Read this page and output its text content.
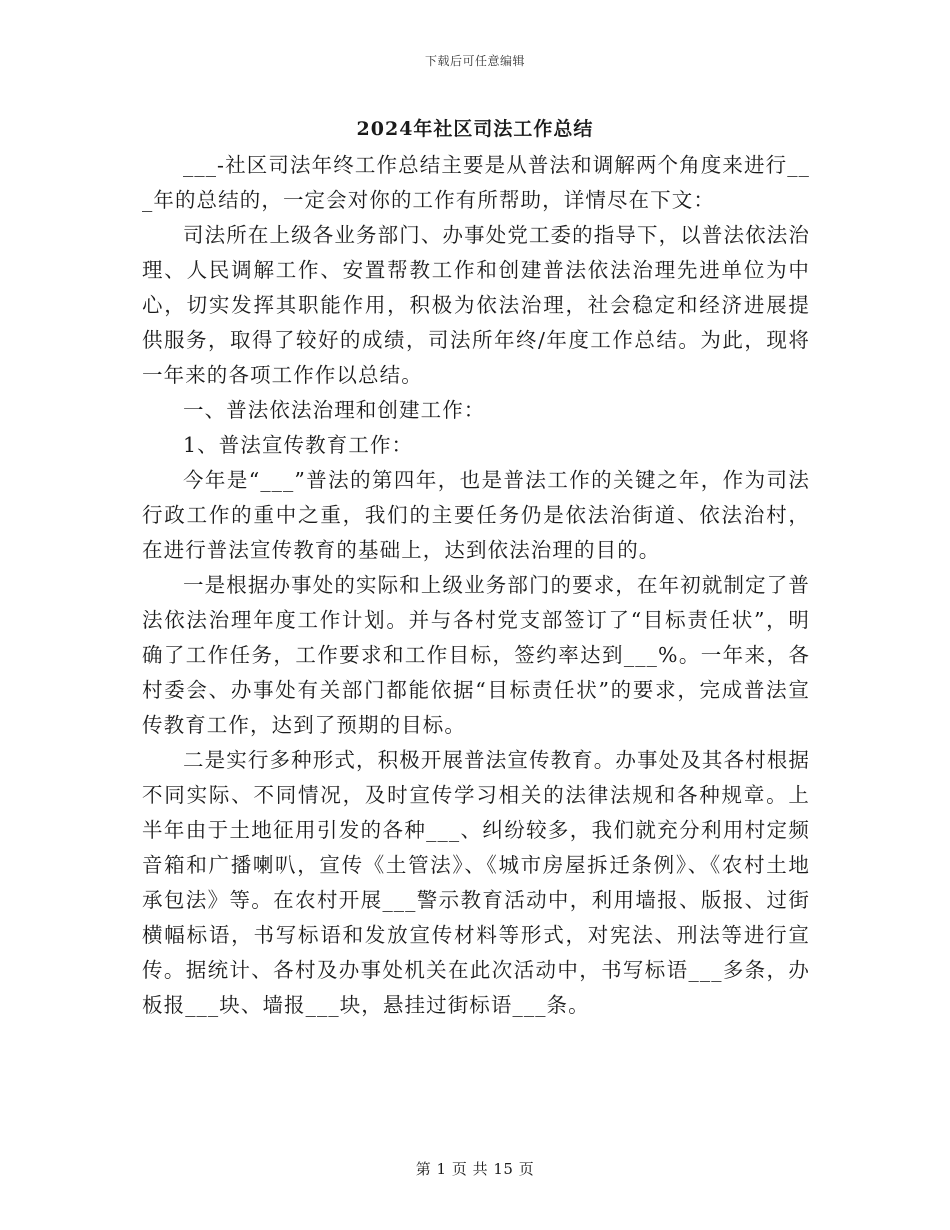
下载后可任意编辑
2024年社区司法工作总结

___-社区司法年终工作总结主要是从普法和调解两个角度来进行___年的总结的，一定会对你的工作有所帮助，详情尽在下文：

司法所在上级各业务部门、办事处党工委的指导下，以普法依法治理、人民调解工作、安置帮教工作和创建普法依法治理先进单位为中心，切实发挥其职能作用，积极为依法治理，社会稳定和经济进展提供服务，取得了较好的成绩，司法所年终/年度工作总结。为此，现将一年来的各项工作作以总结。

一、普法依法治理和创建工作：

1、普法宣传教育工作：

今年是“___”普法的第四年，也是普法工作的关键之年，作为司法行政工作的重中之重，我们的主要任务仍是依法治街道、依法治村，在进行普法宣传教育的基础上，达到依法治理的目的。

一是根据办事处的实际和上级业务部门的要求，在年初就制定了普法依法治理年度工作计划。并与各村党支部签订了“目标责任状”，明确了工作任务，工作要求和工作目标，签约率达到___%。一年来，各村委会、办事处有关部门都能依据“目标责任状”的要求，完成普法宣传教育工作，达到了预期的目标。

二是实行多种形式，积极开展普法宣传教育。办事处及其各村根据不同实际、不同情况，及时宣传学习相关的法律法规和各种规章。上半年由于土地征用引发的各种___、纠纷较多，我们就充分利用村定频音箱和广播喇叭，宣传《土管法》、《城市房屋拆迁条例》、《农村土地承包法》等。在农村开展___警示教育活动中，利用墙报、版报、过街横幅标语，书写标语和发放宣传材料等形式，对宪法、刑法等进行宣传。据统计、各村及办事处机关在此次活动中，书写标语___多条，办板报___块、墙报___块，悬挂过街标语___条。

第 1 页 共 15 页
